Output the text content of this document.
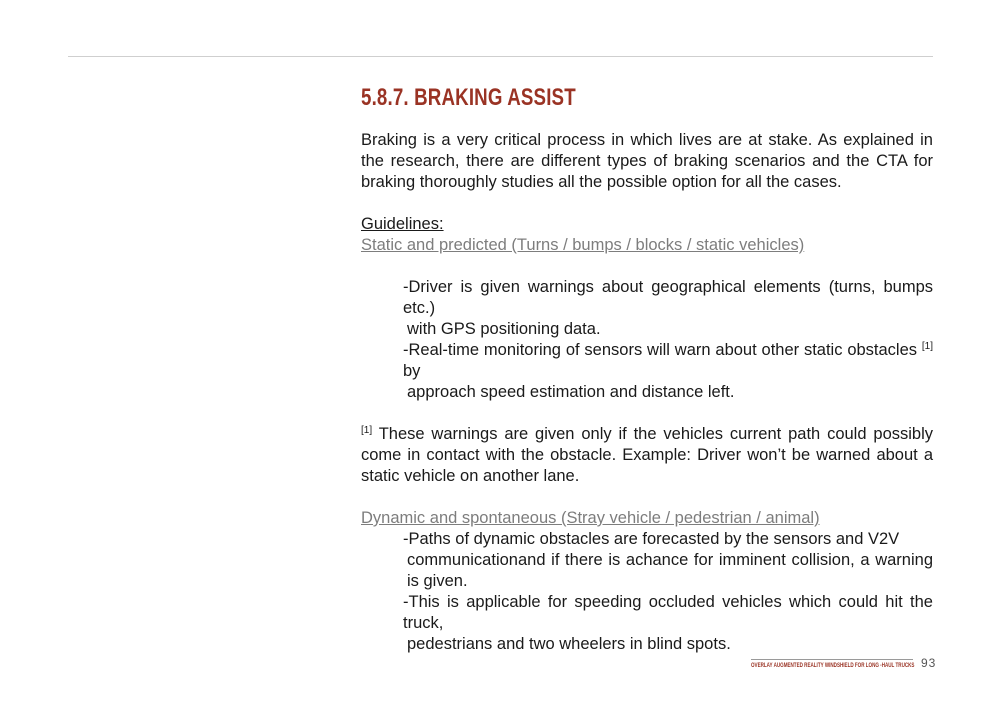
5.8.7. BRAKING ASSIST

Braking is a very critical process in which lives are at stake. As explained in the research, there are different types of braking scenarios and the CTA for braking thoroughly studies all the possible option for all the cases.

Guidelines:

Static and predicted (Turns / bumps / blocks / static vehicles)

-Driver is given warnings about geographical elements (turns, bumps etc.)
with GPS positioning data.

-Real-time monitoring of sensors will warn about other static obstacles [1] by
approach speed estimation and distance left.

[1] These warnings are given only if the vehicles current path could possibly come in contact with the obstacle. Example: Driver won’t be warned about a static vehicle on another lane.

Dynamic and spontaneous (Stray vehicle / pedestrian / animal)

-Paths of dynamic obstacles are forecasted by the sensors and V2V
communicationand if there is achance for imminent collision, a warning is given.

-This is applicable for speeding occluded vehicles which could hit the truck,
pedestrians and two wheelers in blind spots.

OVERLAY AUGMENTED REALITY WINDSHIELD FOR LONG -HAUL TRUCKS 93
